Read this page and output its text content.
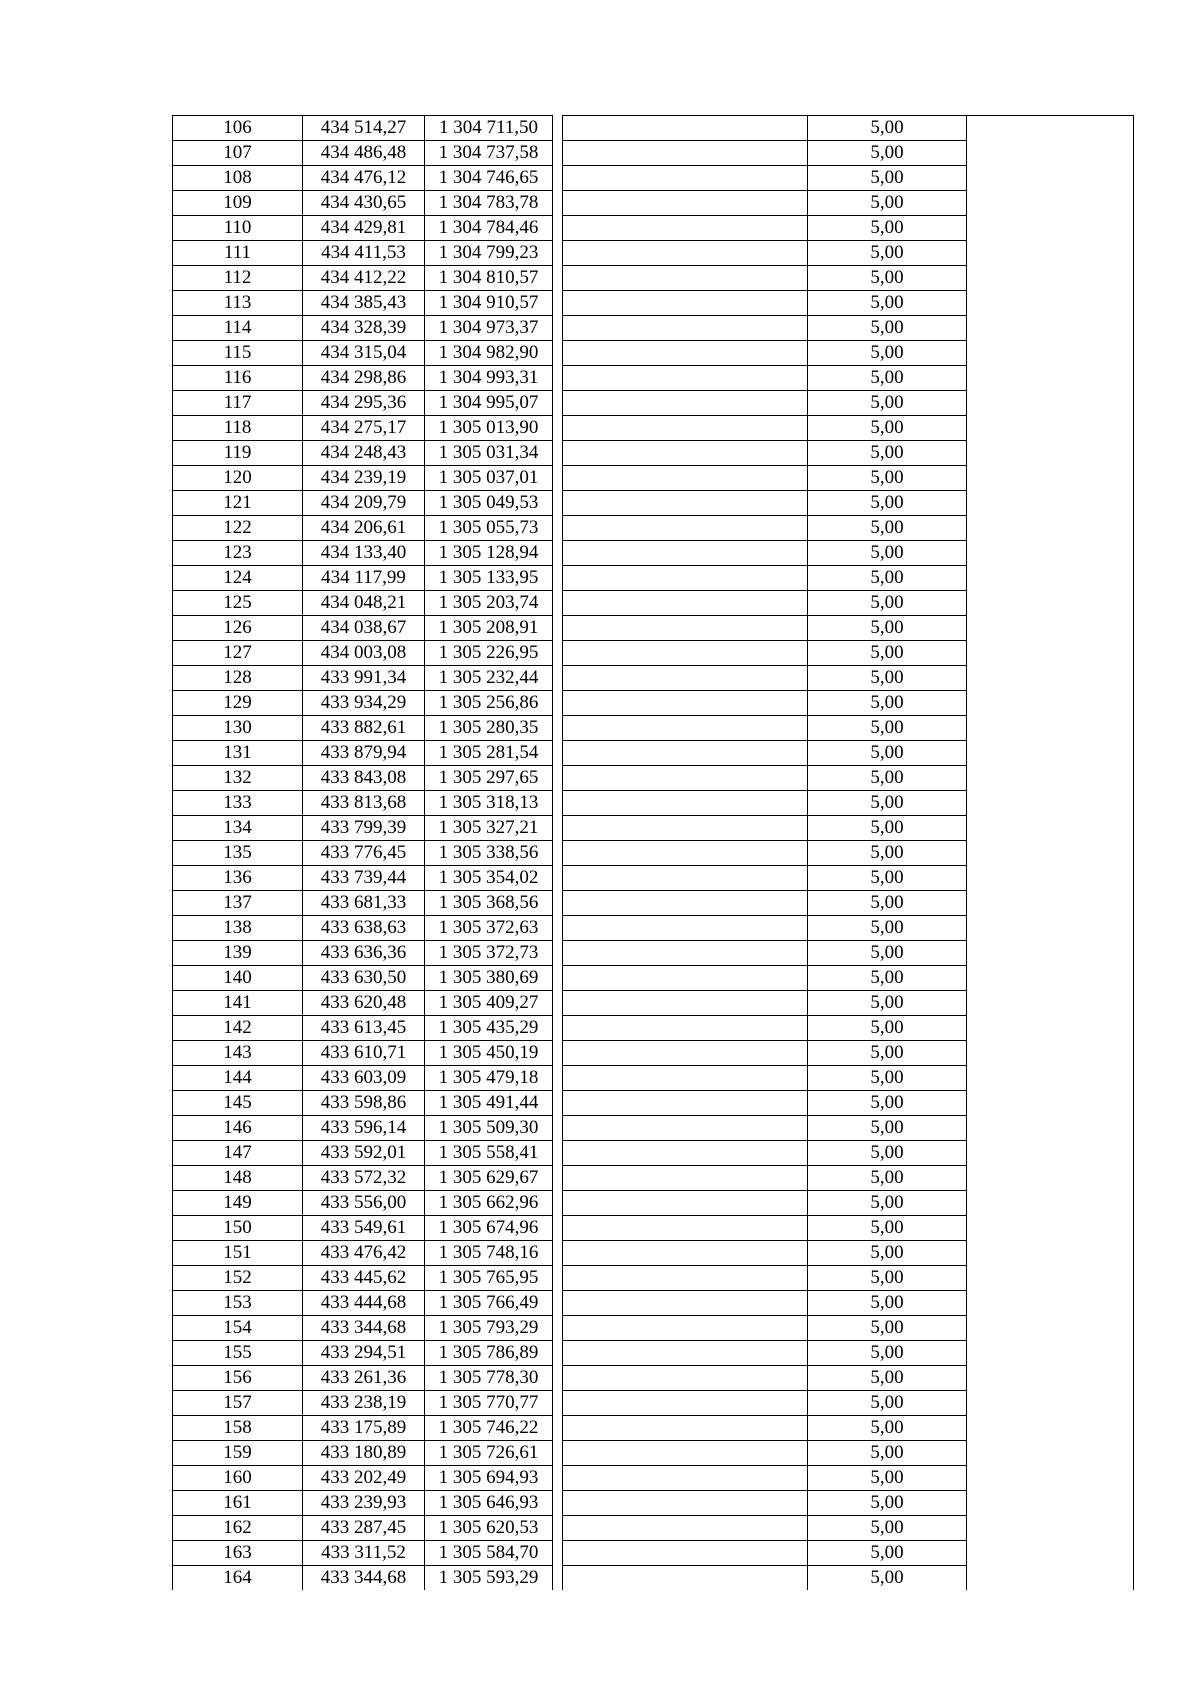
106	434 514,27	1 304 711,50			5,00	
107	434 486,48	1 304 737,58			5,00	
108	434 476,12	1 304 746,65			5,00	
109	434 430,65	1 304 783,78			5,00	
110	434 429,81	1 304 784,46			5,00	
111	434 411,53	1 304 799,23			5,00	
112	434 412,22	1 304 810,57			5,00	
113	434 385,43	1 304 910,57			5,00	
114	434 328,39	1 304 973,37			5,00	
115	434 315,04	1 304 982,90			5,00	
116	434 298,86	1 304 993,31			5,00	
117	434 295,36	1 304 995,07			5,00	
118	434 275,17	1 305 013,90			5,00	
119	434 248,43	1 305 031,34			5,00	
120	434 239,19	1 305 037,01			5,00	
121	434 209,79	1 305 049,53			5,00	
122	434 206,61	1 305 055,73			5,00	
123	434 133,40	1 305 128,94			5,00	
124	434 117,99	1 305 133,95			5,00	
125	434 048,21	1 305 203,74			5,00	
126	434 038,67	1 305 208,91			5,00	
127	434 003,08	1 305 226,95			5,00	
128	433 991,34	1 305 232,44			5,00	
129	433 934,29	1 305 256,86			5,00	
130	433 882,61	1 305 280,35			5,00	
131	433 879,94	1 305 281,54			5,00	
132	433 843,08	1 305 297,65			5,00	
133	433 813,68	1 305 318,13			5,00	
134	433 799,39	1 305 327,21			5,00	
135	433 776,45	1 305 338,56			5,00	
136	433 739,44	1 305 354,02			5,00	
137	433 681,33	1 305 368,56			5,00	
138	433 638,63	1 305 372,63			5,00	
139	433 636,36	1 305 372,73			5,00	
140	433 630,50	1 305 380,69			5,00	
141	433 620,48	1 305 409,27			5,00	
142	433 613,45	1 305 435,29			5,00	
143	433 610,71	1 305 450,19			5,00	
144	433 603,09	1 305 479,18			5,00	
145	433 598,86	1 305 491,44			5,00	
146	433 596,14	1 305 509,30			5,00	
147	433 592,01	1 305 558,41			5,00	
148	433 572,32	1 305 629,67			5,00	
149	433 556,00	1 305 662,96			5,00	
150	433 549,61	1 305 674,96			5,00	
151	433 476,42	1 305 748,16			5,00	
152	433 445,62	1 305 765,95			5,00	
153	433 444,68	1 305 766,49			5,00	
154	433 344,68	1 305 793,29			5,00	
155	433 294,51	1 305 786,89			5,00	
156	433 261,36	1 305 778,30			5,00	
157	433 238,19	1 305 770,77			5,00	
158	433 175,89	1 305 746,22			5,00	
159	433 180,89	1 305 726,61			5,00	
160	433 202,49	1 305 694,93			5,00	
161	433 239,93	1 305 646,93			5,00	
162	433 287,45	1 305 620,53			5,00	
163	433 311,52	1 305 584,70			5,00	
164	433 344,68	1 305 593,29			5,00	
